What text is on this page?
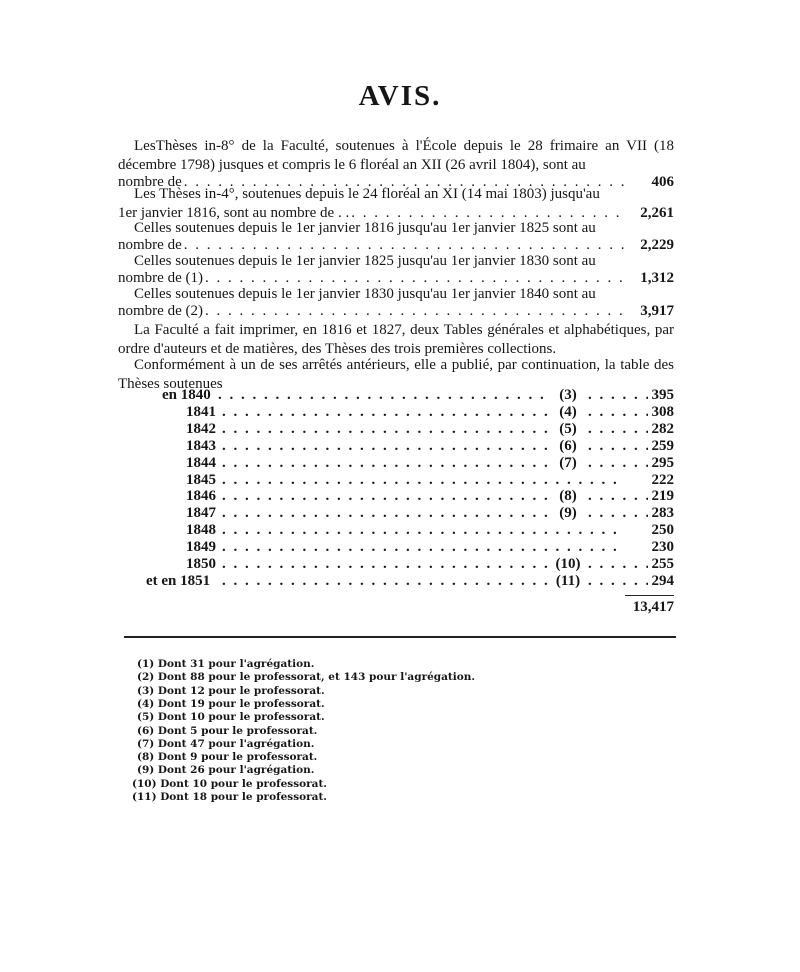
AVIS.
LesThèses in-8° de la Faculté, soutenues à l'École depuis le 28 frimaire an VII (18 décembre 1798) jusques et compris le 6 floréal an XII (26 avril 1804), sont au
nombre de . . .	406
Les Thèses in-4°, soutenues depuis le 24 floréal an XI (14 mai 1803) jusqu'au
1er janvier 1816, sont au nombre de . . . . .	2,261
Celles soutenues depuis le 1er janvier 1816 jusqu'au 1er janvier 1825 sont au
nombre de . . .	2,229
Celles soutenues depuis le 1er janvier 1825 jusqu'au 1er janvier 1830 sont au
nombre de (1) . . .	1,312
Celles soutenues depuis le 1er janvier 1830 jusqu'au 1er janvier 1840 sont au
nombre de (2) . . .	3,917
La Faculté a fait imprimer, en 1816 et 1827, deux Tables générales et alphabétiques, par ordre d'auteurs et de matières, des Thèses des trois premières collections.
Conformément à un de ses arrêtés antérieurs, elle a publié, par continuation, la table des Thèses soutenues
en 1840 . . .	(3) . . .	395
1841 . . .	(4) . . .	308
1842 . . .	(5) . . .	282
1843 . . .	(6) . . .	259
1844 . . .	(7) . . .	295
1845 . . .	222
1846 . . .	(8) . . .	219
1847 . . .	(9) . . .	283
1848 . . .	250
1849 . . .	230
1850 . . .	(10) . . .	255
et en 1851 . . .	(11) . . .	294
13,417
(1) Dont 31 pour l'agrégation.
(2) Dont 88 pour le professorat, et 143 pour l'agrégation.
(3) Dont 12 pour le professorat.
(4) Dont 19 pour le professorat.
(5) Dont 10 pour le professorat.
(6) Dont 5 pour le professorat.
(7) Dont 47 pour l'agrégation.
(8) Dont 9 pour le professorat.
(9) Dont 26 pour l'agrégation.
(10) Dont 10 pour le professorat.
(11) Dont 18 pour le professorat.
